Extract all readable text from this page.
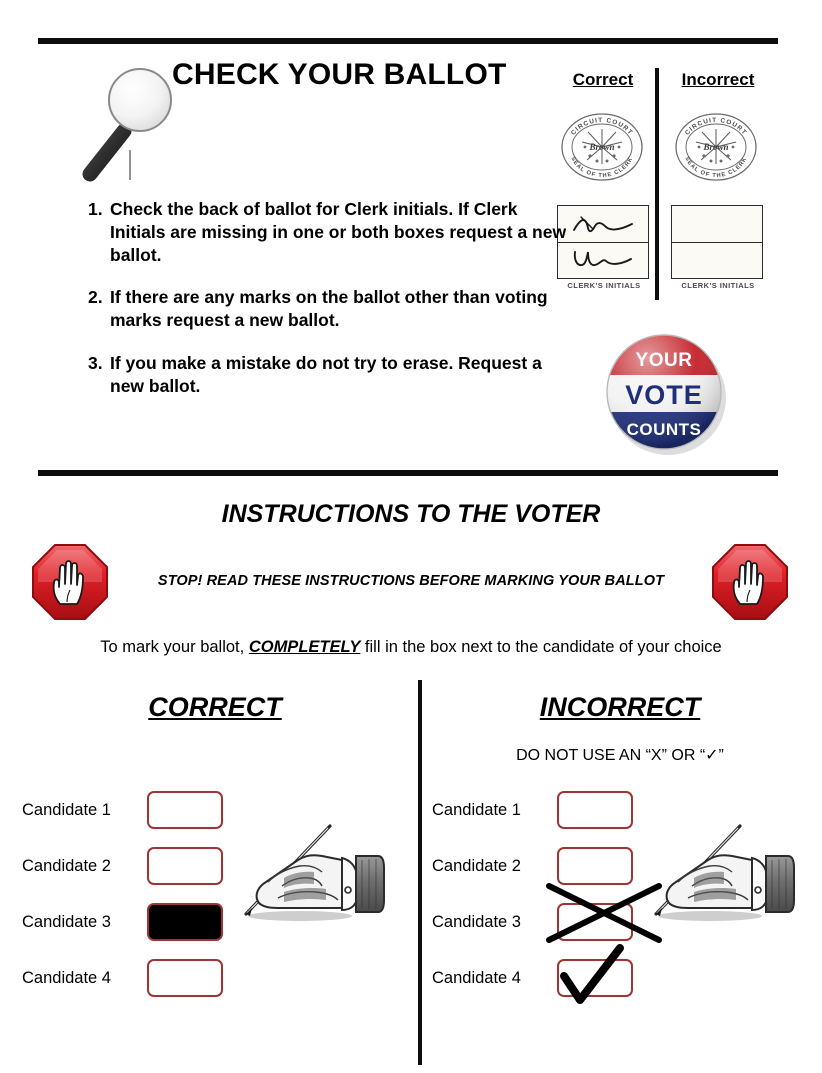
CHECK YOUR BALLOT	Correct	Incorrect
CIRCUIT COURT
SEAL OF THE CLERK
Brown
CIRCUIT COURT
SEAL OF THE CLERK
Brown
CLERK'S INITIALS	CLERK'S INITIALS
1. Check the back of ballot for Clerk initials. If Clerk Initials are missing in one or both boxes request a new ballot.
2. If there are any marks on the ballot other than voting marks request a new ballot.
3. If you make a mistake do not try to erase. Request a new ballot.
YOUR
VOTE
COUNTS
INSTRUCTIONS TO THE VOTER
STOP! READ THESE INSTRUCTIONS BEFORE MARKING YOUR BALLOT
To mark your ballot, COMPLETELY fill in the box next to the candidate of your choice
CORRECT	INCORRECT
DO NOT USE AN “X” OR “✓”
Candidate 1
Candidate 2
Candidate 3
Candidate 4
Candidate 1
Candidate 2
Candidate 3
Candidate 4
